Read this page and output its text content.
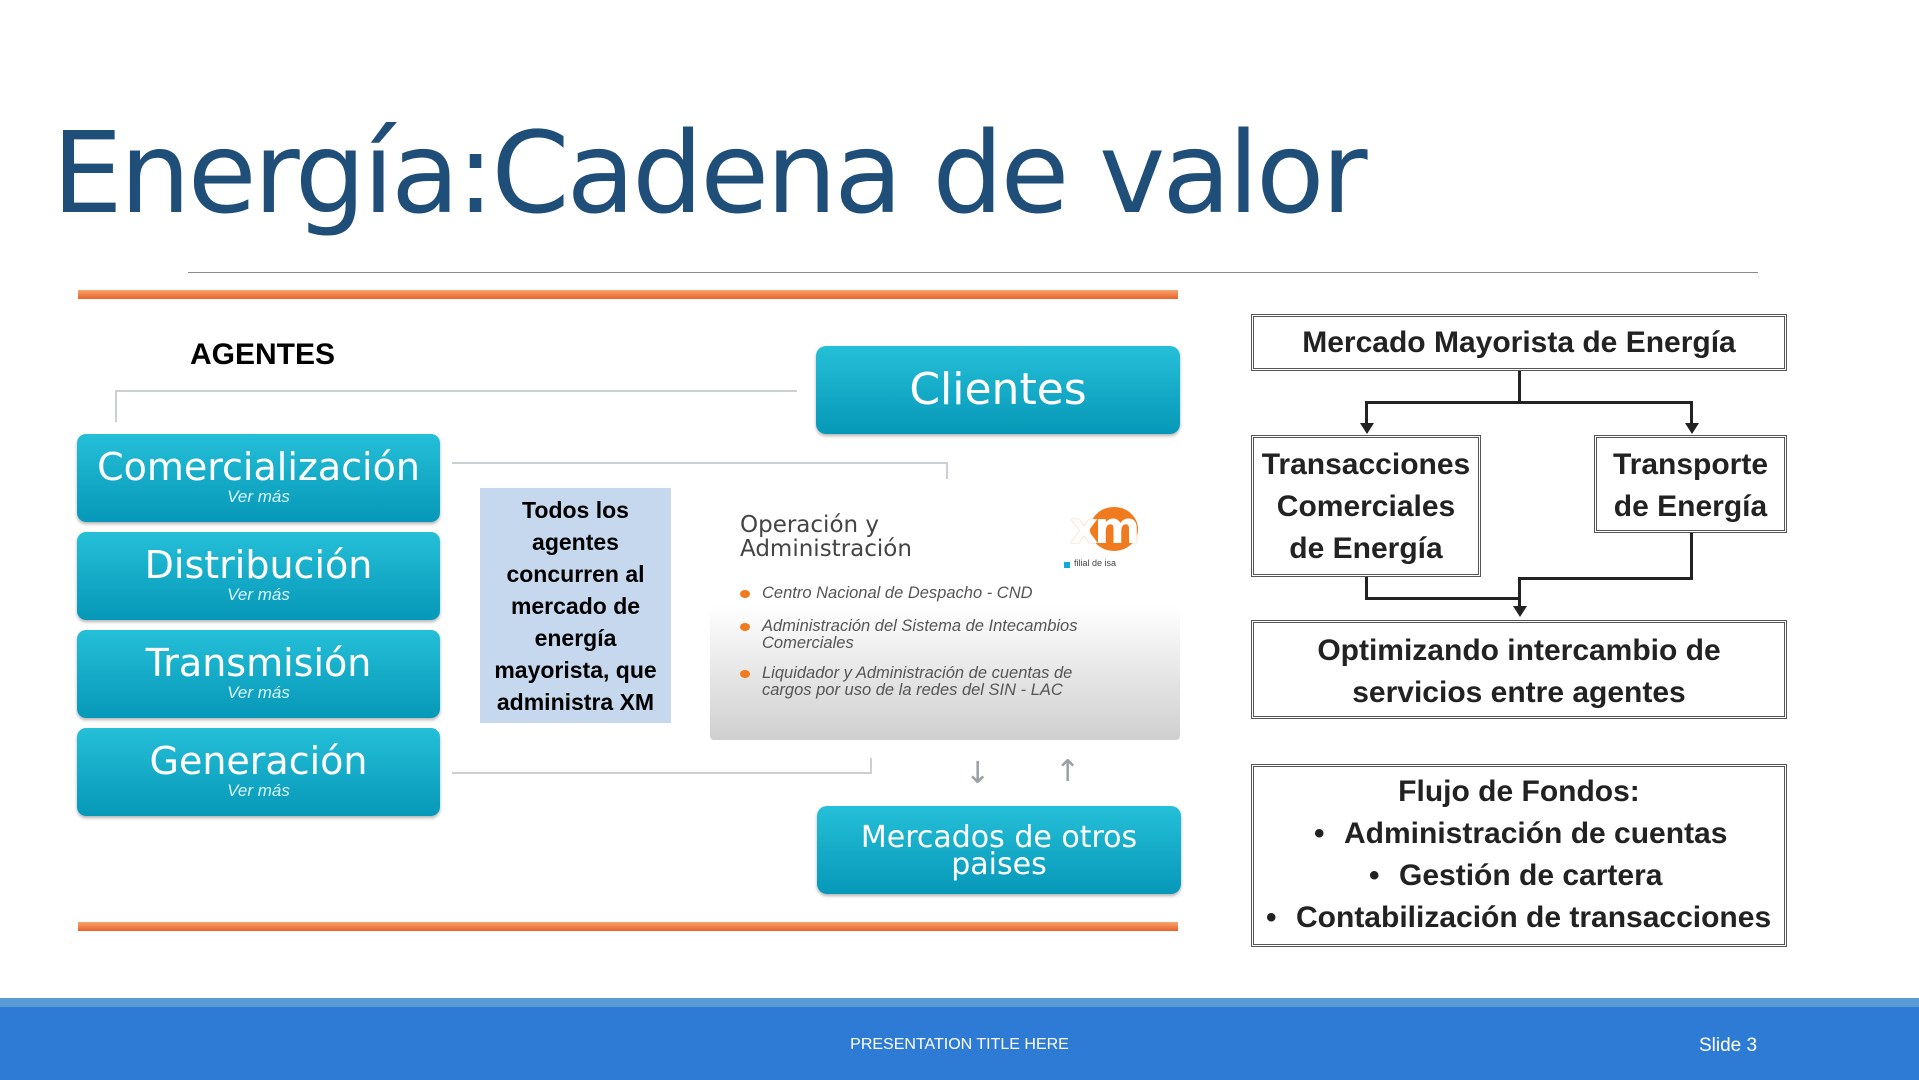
Energía:Cadena de valor
AGENTES
Comercialización
Ver más
Distribución
Ver más
Transmisión
Ver más
Generación
Ver más
Clientes
Todos los
agentes
concurren al
mercado de
energía
mayorista, que
administra XM
Operación y
Administración	xm
filial de isa
Centro Nacional de Despacho - CND
Administración del Sistema de Intecambios
Comerciales
Liquidador y Administración de cuentas de
cargos por uso de la redes del SIN - LAC
↓ ↑
Mercados de otros
paises
Mercado Mayorista de Energía
Transacciones
Comerciales
de Energía
Transporte
de Energía
Optimizando intercambio de
servicios entre agentes
Flujo de Fondos:
• Administración de cuentas
• Gestión de cartera
• Contabilización de transacciones
PRESENTATION TITLE HERE	Slide 3
